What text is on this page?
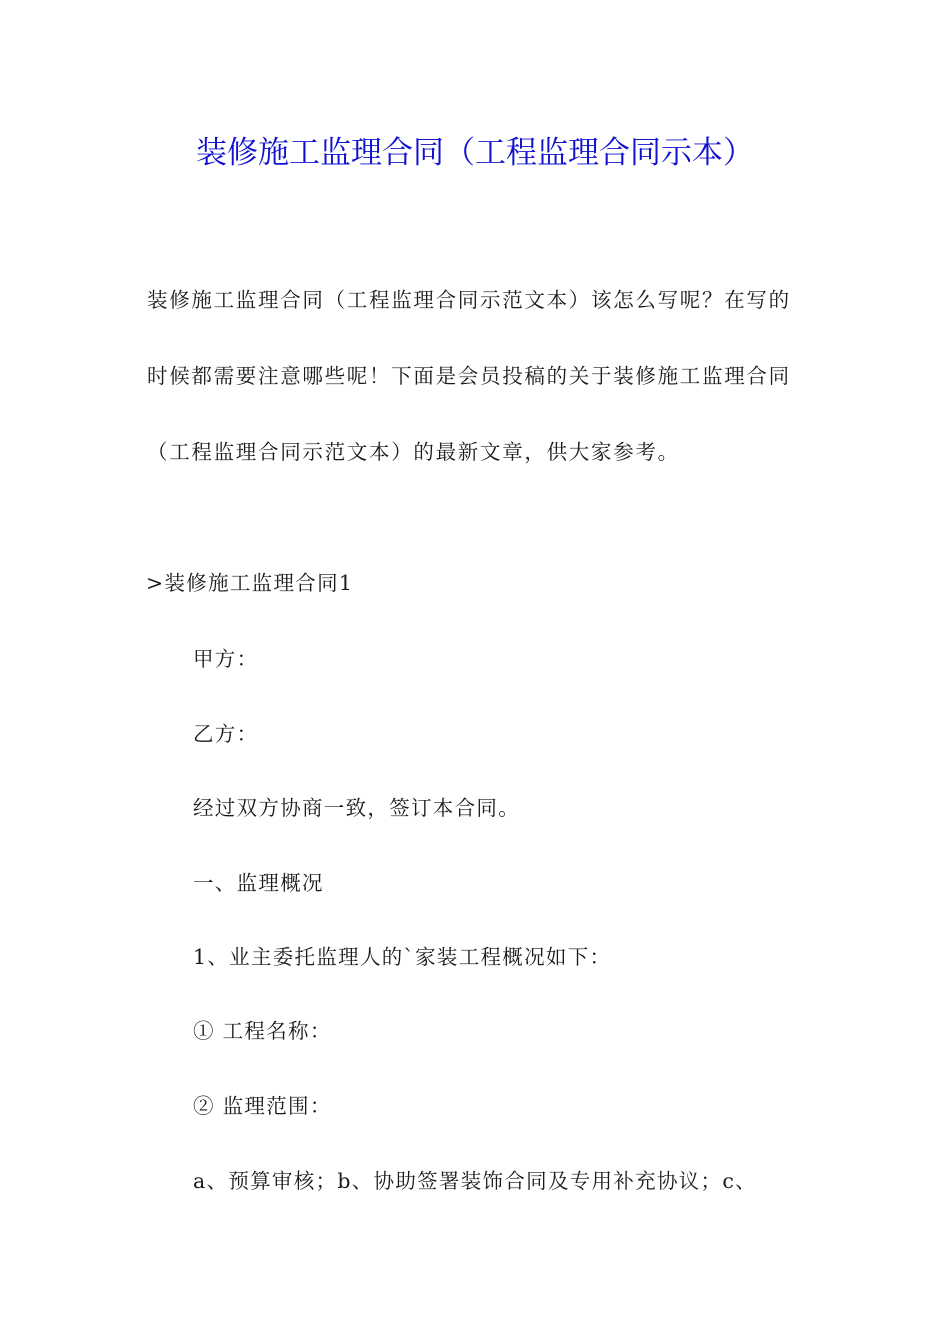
装修施工监理合同（工程监理合同示本）

装修施工监理合同（工程监理合同示范文本）该怎么写呢？在写的时候都需要注意哪些呢！下面是会员投稿的关于装修施工监理合同（工程监理合同示范文本）的最新文章，供大家参考。

>装修施工监理合同1

甲方：

乙方：

经过双方协商一致，签订本合同。

一、监理概况

1、业主委托监理人的`家装工程概况如下：

① 工程名称：

② 监理范围：

a、预算审核；b、协助签署装饰合同及专用补充协议；c、
